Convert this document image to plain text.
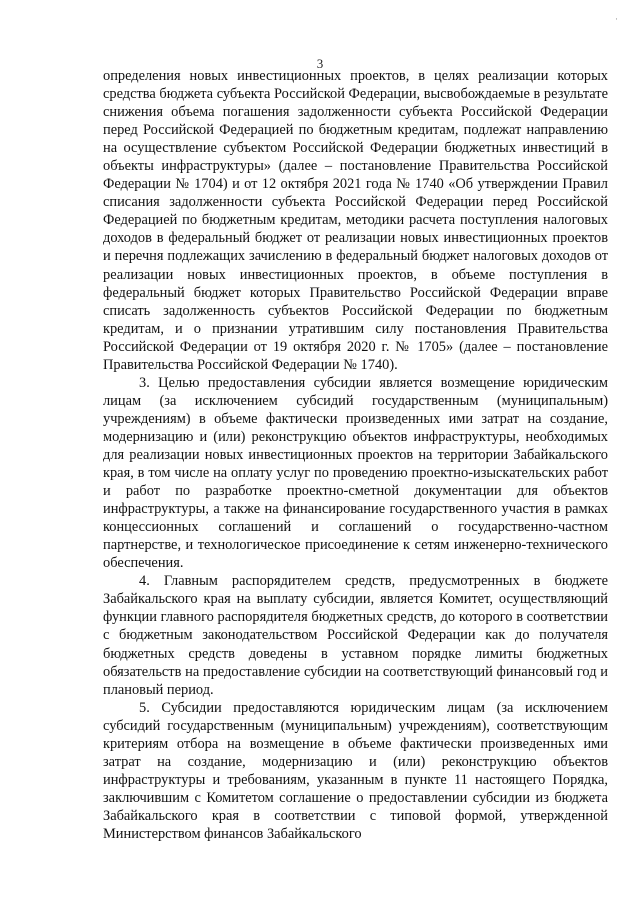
·
3

определения новых инвестиционных проектов, в целях реализации которых средства бюджета субъекта Российской Федерации, высвобождаемые в результате снижения объема погашения задолженности субъекта Российской Федерации перед Российской Федерацией по бюджетным кредитам, подлежат направлению на осуществление субъектом Российской Федерации бюджетных инвестиций в объекты инфраструктуры» (далее – постановление Правительства Российской Федерации № 1704) и от 12 октября 2021 года № 1740 «Об утверждении Правил списания задолженности субъекта Российской Федерации перед Российской Федерацией по бюджетным кредитам, методики расчета поступления налоговых доходов в федеральный бюджет от реализации новых инвестиционных проектов и перечня подлежащих зачислению в федеральный бюджет налоговых доходов от реализации новых инвестиционных проектов, в объеме поступления в федеральный бюджет которых Правительство Российской Федерации вправе списать задолженность субъектов Российской Федерации по бюджетным кредитам, и о признании утратившим силу постановления Правительства Российской Федерации от 19 октября 2020 г. № 1705» (далее – постановление Правительства Российской Федерации № 1740).

3. Целью предоставления субсидии является возмещение юридическим лицам (за исключением субсидий государственным (муниципальным) учреждениям) в объеме фактически произведенных ими затрат на создание, модернизацию и (или) реконструкцию объектов инфраструктуры, необходимых для реализации новых инвестиционных проектов на территории Забайкальского края, в том числе на оплату услуг по проведению проектно-изыскательских работ и работ по разработке проектно-сметной документации для объектов инфраструктуры, а также на финансирование государственного участия в рамках концессионных соглашений и соглашений о государственно-частном партнерстве, и технологическое присоединение к сетям инженерно-технического обеспечения.

4. Главным распорядителем средств, предусмотренных в бюджете Забайкальского края на выплату субсидии, является Комитет, осуществляющий функции главного распорядителя бюджетных средств, до которого в соответствии с бюджетным законодательством Российской Федерации как до получателя бюджетных средств доведены в уставном порядке лимиты бюджетных обязательств на предоставление субсидии на соответствующий финансовый год и плановый период.

5. Субсидии предоставляются юридическим лицам (за исключением субсидий государственным (муниципальным) учреждениям), соответствующим критериям отбора на возмещение в объеме фактически произведенных ими затрат на создание, модернизацию и (или) реконструкцию объектов инфраструктуры и требованиям, указанным в пункте 11 настоящего Порядка, заключившим с Комитетом соглашение о предоставлении субсидии из бюджета Забайкальского края в соответствии с типовой формой, утвержденной Министерством финансов Забайкальского
